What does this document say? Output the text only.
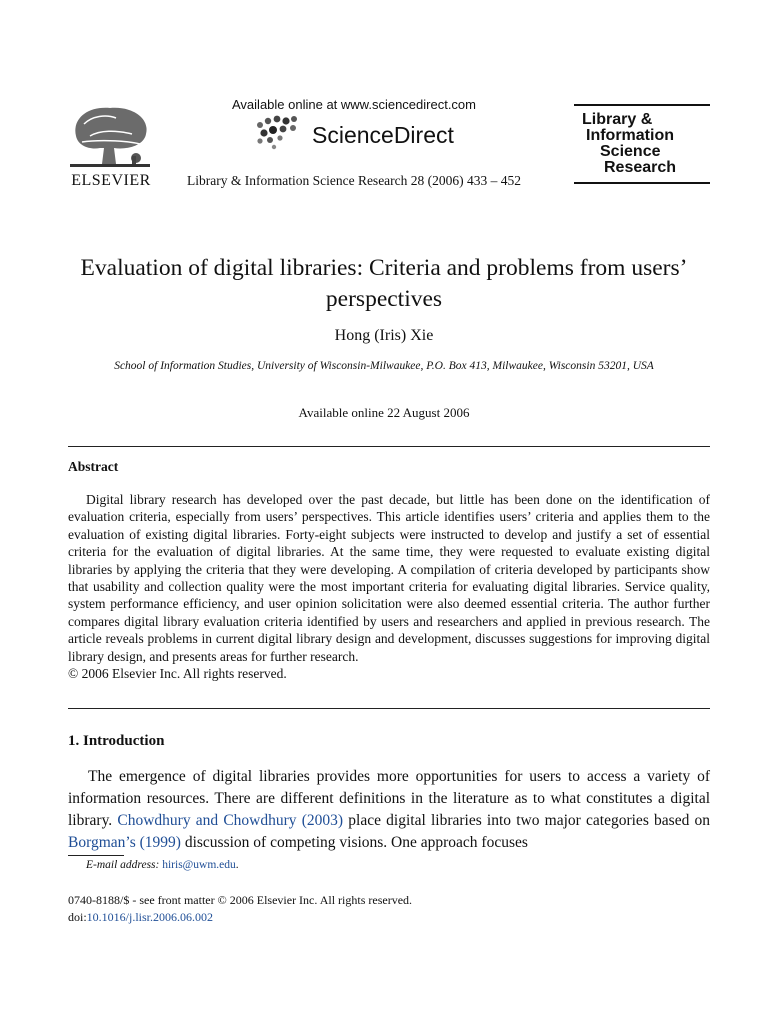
ELSEVIER
Available online at www.sciencedirect.com
ScienceDirect
Library & Information Science Research 28 (2006) 433 – 452
Library &
Information
Science
Research
Evaluation of digital libraries: Criteria and problems from users’ perspectives
Hong (Iris) Xie
School of Information Studies, University of Wisconsin-Milwaukee, P.O. Box 413, Milwaukee, Wisconsin 53201, USA
Available online 22 August 2006
Abstract

Digital library research has developed over the past decade, but little has been done on the identification of evaluation criteria, especially from users’ perspectives. This article identifies users’ criteria and applies them to the evaluation of existing digital libraries. Forty-eight subjects were instructed to develop and justify a set of essential criteria for the evaluation of digital libraries. At the same time, they were requested to evaluate existing digital libraries by applying the criteria that they were developing. A compilation of criteria developed by participants show that usability and collection quality were the most important criteria for evaluating digital libraries. Service quality, system performance efficiency, and user opinion solicitation were also deemed essential criteria. The author further compares digital library evaluation criteria identified by users and researchers and applied in previous research. The article reveals problems in current digital library design and development, discusses suggestions for improving digital library design, and presents areas for further research.

© 2006 Elsevier Inc. All rights reserved.

1. Introduction

The emergence of digital libraries provides more opportunities for users to access a variety of information resources. There are different definitions in the literature as to what constitutes a digital library. Chowdhury and Chowdhury (2003) place digital libraries into two major categories based on Borgman’s (1999) discussion of competing visions. One approach focuses

E-mail address: hiris@uwm.edu.
0740-8188/$ - see front matter © 2006 Elsevier Inc. All rights reserved.
doi:10.1016/j.lisr.2006.06.002
